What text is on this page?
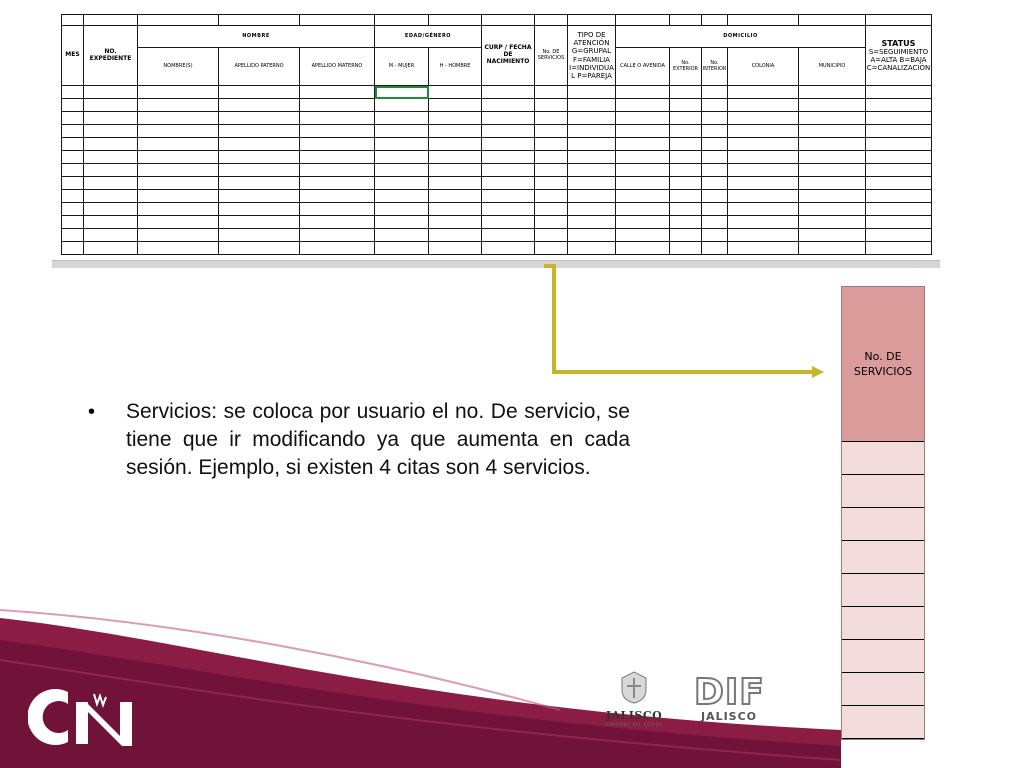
MES	NO. EXPEDIENTE	NOMBRE			EDAD/GÉNERO		CURP / FECHA DE NACIMIENTO	No. DE SERVICIOS	TIPO DE ATENCIÓN G=GRUPAL F=FAMILIA I=INDIVIDUA L P=PAREJA	DOMICILIO					STATUS
S=SEGUIMIENTO A=ALTA B=BAJA C=CANALIZACIÓN

		NOMBRE(S)	APELLIDO PATERNO	APELLIDO MATERNO	M - MUJER	H - HOMBRE				CALLE O AVENIDA	No. EXTERIOR	No. INTERIOR	COLONIA	MUNICIPIO	

No. DE SERVICIOS
•	Servicios: se coloca por usuario el no. De servicio, se tiene que ir modificando ya que aumenta en cada sesión. Ejemplo, si existen 4 citas son 4 servicios.
JALISCO
GOBIERNO DEL ESTADO
DIF
JALISCO
